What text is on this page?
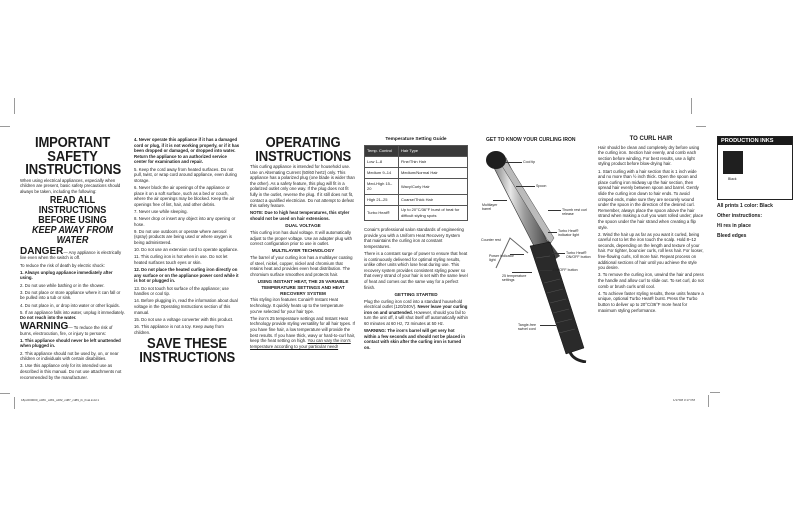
IMPORTANT SAFETY INSTRUCTIONS

When using electrical appliances, especially when children are present, basic safety precautions should always be taken, including the following:

READ ALL INSTRUCTIONS BEFORE USING
KEEP AWAY FROM WATER

DANGER— Any appliance is electrically live even when the switch is off.

To reduce the risk of death by electric shock:

1. Always unplug appliance immediately after using.

2. Do not use while bathing or in the shower.

3. Do not place or store appliance where it can fall or be pulled into a tub or sink.

4. Do not place in, or drop into water or other liquids.

5. If an appliance falls into water, unplug it immediately. Do not reach into the water.

WARNING— To reduce the risk of burns, electrocution, fire, or injury to persons:

1. This appliance should never be left unattended when plugged in.

2. This appliance should not be used by, on, or near children or individuals with certain disabilities.

3. Use this appliance only for its intended use as described in this manual. Do not use attachments not recommended by the manufacturer.

4. Never operate this appliance if it has a damaged cord or plug, if it is not working properly, or if it has been dropped or damaged, or dropped into water. Return the appliance to an authorized service center for examination and repair.

5. Keep the cord away from heated surfaces. Do not pull, twist, or wrap cord around appliance, even during storage.

6. Never block the air openings of the appliance or place it on a soft surface, such as a bed or couch, where the air openings may be blocked. Keep the air openings free of lint, hair, and other debris.

7. Never use while sleeping.

8. Never drop or insert any object into any opening or hose.

9. Do not use outdoors or operate where aerosol (spray) products are being used or where oxygen is being administered.

10. Do not use an extension cord to operate appliance.

11. This curling iron is hot when in use. Do not let heated surfaces touch eyes or skin.

12. Do not place the heated curling iron directly on any surface or on the appliance power cord while it is hot or plugged in.

13. Do not touch hot surface of the appliance; use handles or cool tip.

14. Before plugging in, read the information about dual voltage in the Operating Instructions section of this manual.

15. Do not use a voltage converter with this product.

16. This appliance is not a toy. Keep away from children.

SAVE THESE INSTRUCTIONS
OPERATING INSTRUCTIONS

This curling appliance is intended for household use. Use on Alternating Current (50/60 hertz) only. This appliance has a polarized plug (one blade is wider than the other). As a safety feature, this plug will fit in a polarized outlet only one way. If the plug does not fit fully in the outlet, reverse the plug. If it still does not fit, contact a qualified electrician. Do not attempt to defeat this safety feature.

NOTE: Due to high heat temperatures, this styler should not be used on hair extensions.

DUAL VOLTAGE

This curling iron has dual voltage. It will automatically adjust to the proper voltage. Use an adapter plug with correct configuration prior to use in outlet.

MULTILAYER TECHNOLOGY

The barrel of your curling iron has a multilayer coating of steel, nickel, copper, nickel and chromium that retains heat and provides even heat distribution. The chromium surface smoothes and protects hair.

USING INSTANT HEAT, THE 25 VARIABLE TEMPERATURE SETTINGS AND HEAT RECOVERY SYSTEM

This styling iron features Conair® Instant Heat technology. It quickly heats up to the temperature you've selected for your hair type.

The iron's 25 temperature settings and Instant Heat technology provide styling versatility for all hair types. If you have fine hair, a low temperature will provide the best results. If you have thick, wavy or hard-to-curl hair, keep the heat setting on high. You can vary the iron's temperature according to your particular need!

Temperature Setting Guide
Temp. Control	Hair Type
Low 1–8	Fine/Thin Hair
Medium 9–14	Medium/Normal Hair
Med-High 15–20	Wavy/Curly Hair
High 21–25	Coarse/Thick Hair
Turbo Heat®	Up to 20°C/36°F burst of heat for difficult styling spots

Conair's professional salon standards of engineering provide you with a Uniform Heat Recovery System that maintains the curling iron at constant temperatures.

There is a constant surge of power to ensure that heat is continuously delivered for optimal styling results, unlike other units which lose heat during use. This recovery system provides consistent styling power so that every strand of your hair is set with the same level of heat and comes out the same way for a perfect finish.

GETTING STARTED

Plug the curling iron cord into a standard household electrical outlet (120/240V). Never leave your curling iron on and unattended. However, should you fail to turn the unit off, it will shut itself off automatically within 60 minutes at 60 Hz, 72 minutes at 50 Hz.

WARNING: The iron's barrel will get very hot within a few seconds and should not be placed in contact with skin after the curling iron is turned on.

GET TO KNOW YOUR CURLING IRON
Cool tip
Spoon
Multilayer barrel	Thumb rest curl release
Counter rest
Turbo Heat® indicator light
Turbo Heat® ON/OFF button
Power indicator light
ON/OFF button
25 temperature settings
Tangle-free swivel cord
TO CURL HAIR

Hair should be clean and completely dry before using the curling iron. Section hair evenly, and comb each section before winding. For best results, use a light styling product before blow-drying hair.

1. Start curling with a hair section that is 1 inch wide and no more than ½ inch thick. Open the spoon and place curling iron midway up the hair section, then spread hair evenly between spoon and barrel. Gently slide the curling iron down to hair ends. To avoid crimped ends, make sure they are securely wound under the spoon in the direction of the desired curl. Remember, always place the spoon above the hair strand when making a curl you want rolled under; place the spoon under the hair strand when creating a flip style.

2. Wind the hair up as far as you want it curled, being careful not to let the iron touch the scalp. Hold 8–12 seconds, depending on the length and texture of your hair. For tighter, bouncier curls, roll less hair. For looser, free-flowing curls, roll more hair. Repeat process on additional sections of hair until you achieve the style you desire.

3. To remove the curling iron, unwind the hair and press the handle and allow curl to slide out. To set curl, do not comb or brush curls until cool.

4. To achieve faster styling results, these units feature a unique, optional Turbo Heat® burst. Press the Turbo button to deliver up to 20°C/36°F more heat for maximum styling performance.

PRODUCTION INKS
Black
All prints 1 color: Black
Other instructions:
Hi res in place
Bleed edges
18pc000000_cd8C_cd81_cd82_cd87_cd89_ib_final.indd 1	1/17/08 3:17 PM
